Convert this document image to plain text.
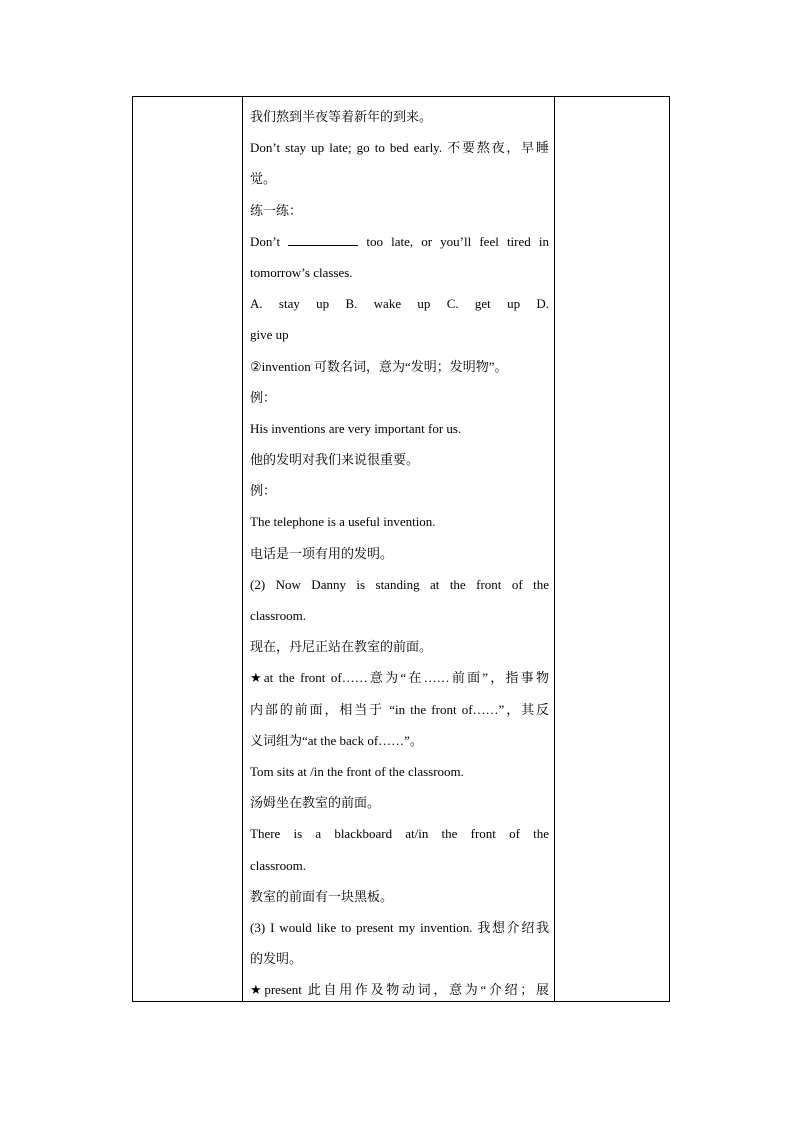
我们熬到半夜等着新年的到来。
Don’t stay up late; go to bed early. 不要熬夜，早睡
觉。
练一练：
Don’t	too late, or you’ll feel tired in
tomorrow’s classes.
A. stay up B. wake up C. get up D.
give up
②invention 可数名词，意为“发明；发明物”。
例：
His inventions are very important for us.
他的发明对我们来说很重要。
例：
The telephone is a useful invention.
电话是一项有用的发明。
(2) Now Danny is standing at the front of the
classroom.
现在，丹尼正站在教室的前面。
★at the front of……意为“在……前面”，指事物
内部的前面，相当于 “in the front of……”，其反
义词组为“at the back of……”。
Tom sits at /in the front of the classroom.
汤姆坐在教室的前面。
There is a blackboard at/in the front of the
classroom.
教室的前面有一块黑板。
(3) I would like to present my invention. 我想介绍我
的发明。
★present 此自用作及物动词，意为“介绍；展
